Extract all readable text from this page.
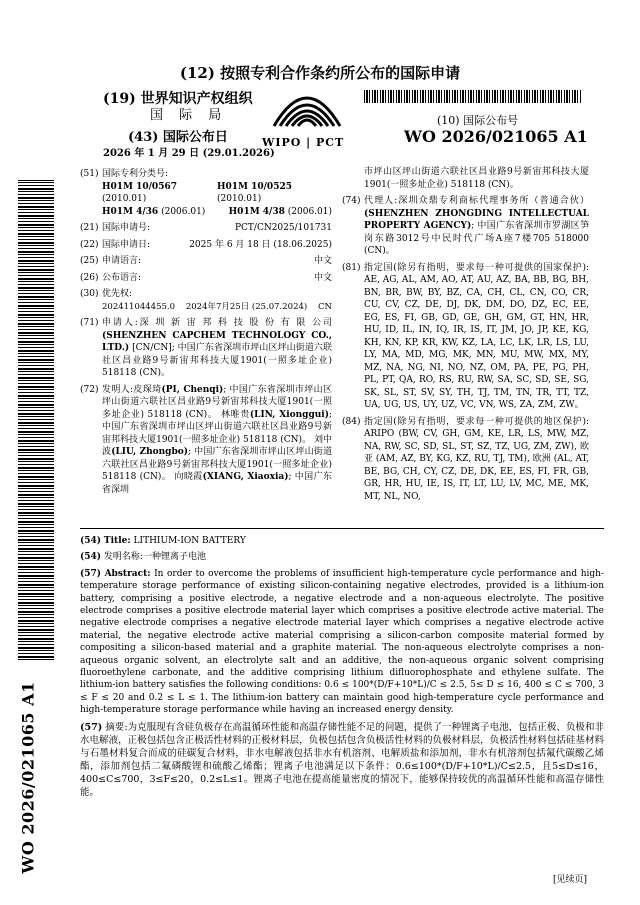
(12) 按照专利合作条约所公布的国际申请
(19) 世界知识产权组织
国 际 局
(43) 国际公布日
2026 年 1 月 29 日 (29.01.2026)
WIPO | PCT
(10) 国际公布号
WO 2026/021065 A1
WO 2026/021065 A1
(51) 国际专利分类号:
H01M 10/0567 (2010.01)
H01M 10/0525 (2010.01)
H01M 4/36 (2006.01)	H01M 4/38 (2006.01)
(21) 国际申请号:	PCT/CN2025/101731
(22) 国际申请日:	2025 年 6 月 18 日 (18.06.2025)
(25) 申请语言:	中文
(26) 公布语言:	中文
(30) 优先权:
202411044455.0 2024年7月25日 (25.07.2024) CN
(71) 申请人:深 圳 新 宙 邦 科 技 股 份 有 限 公司(SHENZHEN CAPCHEM TECHNOLOGY CO., LTD.) [CN/CN]; 中国广东省深圳市坪山区坪山街道六联社区昌业路9号新宙邦科技大厦1901(一照多址企业) 518118 (CN)。
(72) 发明人:皮琛琦(PI, Chenqi); 中国广东省深圳市坪山区坪山街道六联社区昌业路9号新宙邦科技大厦1901(一照多址企业) 518118 (CN)。 林唯贵(LIN, Xionggui); 中国广东省深圳市坪山区坪山街道六联社区昌业路9号新宙邦科技大厦1901(一照多址企业) 518118 (CN)。 刘中波(LIU, Zhongbo); 中国广东省深圳市坪山区坪山街道六联社区昌业路9号新宙邦科技大厦1901(一照多址企业) 518118 (CN)。 向晓霞(XIANG, Xiaoxia); 中国广东省深圳
市坪山区坪山街道六联社区昌业路9号新宙邦科技大厦1901(一照多址企业) 518118 (CN)。
(74) 代理人:深圳众鼎专利商标代理事务所（普通合伙） (SHENZHEN ZHONGDING INTELLECTUAL PROPERTY AGENCY); 中国广东省深圳市罗湖区笋岗东路3012号中民时代广场A座7楼705 518000 (CN)。
(81) 指定国(除另有指明，要求每一种可提供的国家保护): AE, AG, AL, AM, AO, AT, AU, AZ, BA, BB, BG, BH, BN, BR, BW, BY, BZ, CA, CH, CL, CN, CO, CR, CU, CV, CZ, DE, DJ, DK, DM, DO, DZ, EC, EE, EG, ES, FI, GB, GD, GE, GH, GM, GT, HN, HR, HU, ID, IL, IN, IQ, IR, IS, IT, JM, JO, JP, KE, KG, KH, KN, KP, KR, KW, KZ, LA, LC, LK, LR, LS, LU, LY, MA, MD, MG, MK, MN, MU, MW, MX, MY, MZ, NA, NG, NI, NO, NZ, OM, PA, PE, PG, PH, PL, PT, QA, RO, RS, RU, RW, SA, SC, SD, SE, SG, SK, SL, ST, SV, SY, TH, TJ, TM, TN, TR, TT, TZ, UA, UG, US, UY, UZ, VC, VN, WS, ZA, ZM, ZW。
(84) 指定国(除另有指明，要求每一种可提供的地区保护): ARIPO (BW, CV, GH, GM, KE, LR, LS, MW, MZ, NA, RW, SC, SD, SL, ST, SZ, TZ, UG, ZM, ZW), 欧亚 (AM, AZ, BY, KG, KZ, RU, TJ, TM), 欧洲 (AL, AT, BE, BG, CH, CY, CZ, DE, DK, EE, ES, FI, FR, GB, GR, HR, HU, IE, IS, IT, LT, LU, LV, MC, ME, MK, MT, NL, NO,
(54) Title: LITHIUM-ION BATTERY
(54) 发明名称:一种锂离子电池
(57) Abstract: In order to overcome the problems of insufficient high-temperature cycle performance and high-temperature storage performance of existing silicon-containing negative electrodes, provided is a lithium-ion battery, comprising a positive electrode, a negative electrode and a non-aqueous electrolyte. The positive electrode comprises a positive electrode material layer which comprises a positive electrode active material. The negative electrode comprises a negative electrode material layer which comprises a negative electrode active material, the negative electrode active material comprising a silicon-carbon composite material formed by compositing a silicon-based material and a graphite material. The non-aqueous electrolyte comprises a non-aqueous organic solvent, an electrolyte salt and an additive, the non-aqueous organic solvent comprising fluoroethylene carbonate, and the additive comprising lithium difluorophosphate and ethylene sulfate. The lithium-ion battery satisfies the following conditions: 0.6 ≤ 100*(D/F+10*L)/C ≤ 2.5, 5≤ D ≤ 16, 400 ≤ C ≤ 700, 3 ≤ F ≤ 20 and 0.2 ≤ L ≤ 1. The lithium-ion battery can maintain good high-temperature cycle performance and high-temperature storage performance while having an increased energy density.
(57) 摘要:为克服现有含硅负极存在高温循环性能和高温存储性能不足的问题，提供了一种锂离子电池，包括正极、负极和非水电解液，正极包括包含正极活性材料的正极材料层，负极包括包含负极活性材料的负极材料层，负极活性材料包括硅基材料与石墨材料复合而成的硅碳复合材料，非水电解液包括非水有机溶剂、电解质盐和添加剂，非水有机溶剂包括氟代碳酸乙烯酯，添加剂包括二氟磷酸锂和硫酸乙烯酯；锂离子电池满足以下条件：0.6≤100*(D/F+10*L)/C≤2.5，且5≤D≤16，400≤C≤700，3≤F≤20，0.2≤L≤1。锂离子电池在提高能量密度的情况下，能够保持较优的高温循环性能和高温存储性能。
[见续页]
